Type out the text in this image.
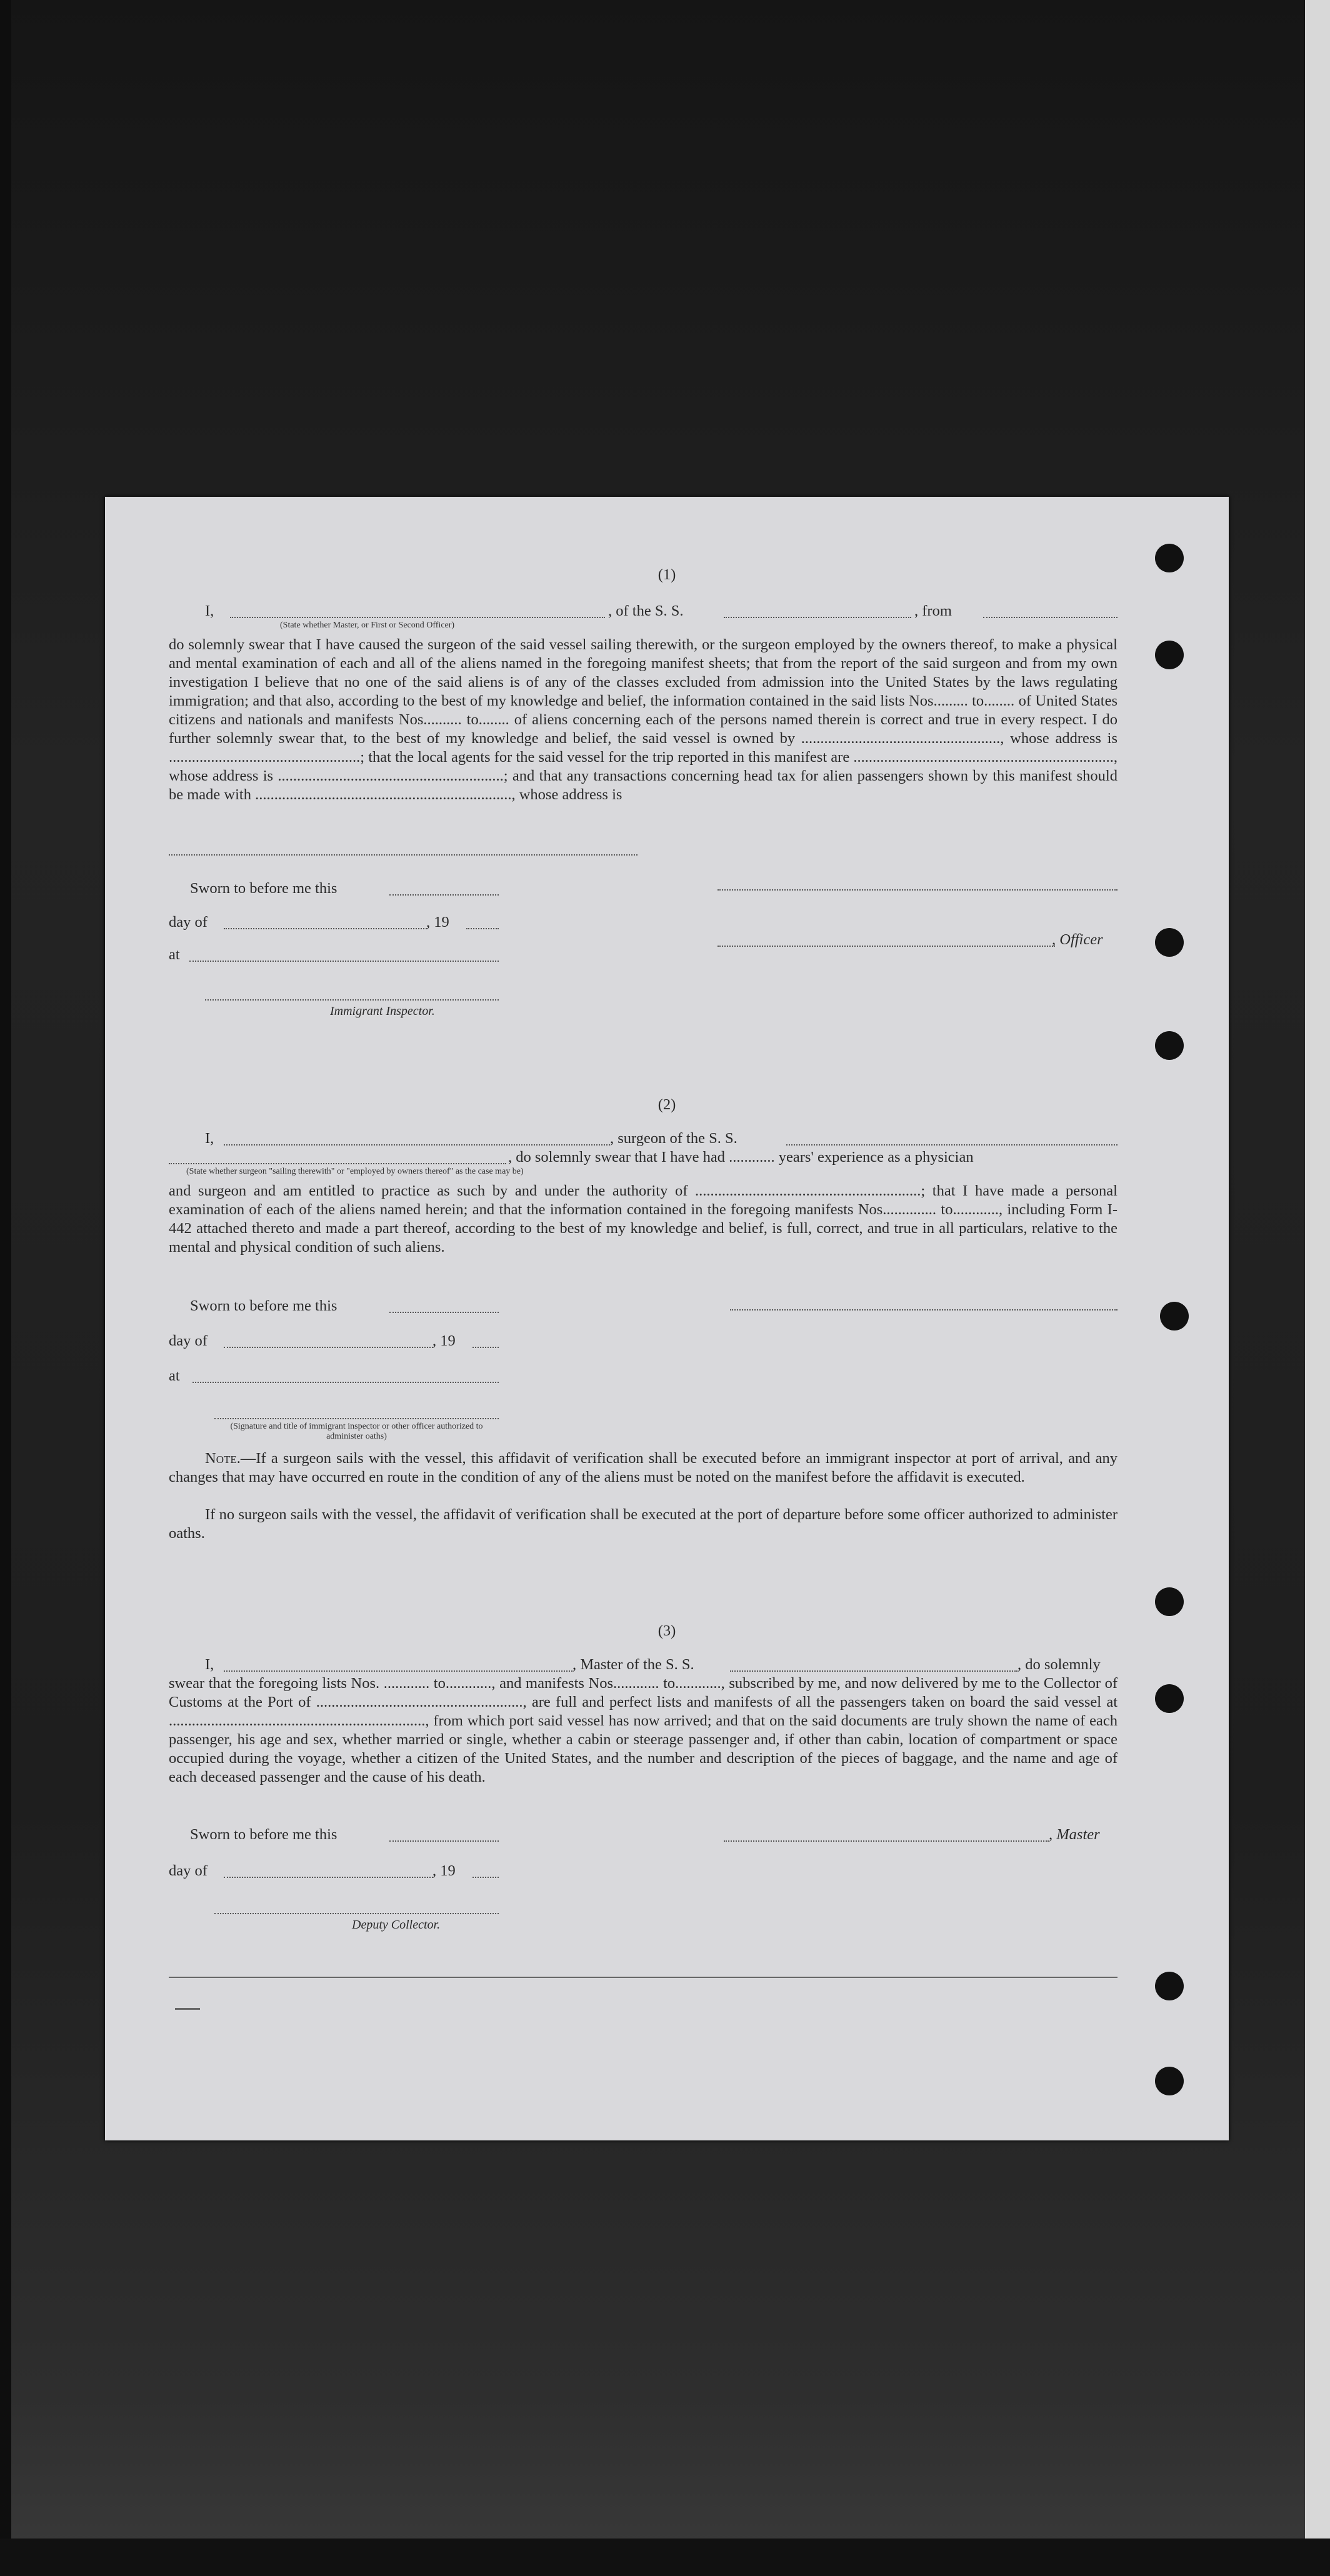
(1)
I,	, of the S. S.	, from
(State whether Master, or First or Second Officer)
do solemnly swear that I have caused the surgeon of the said vessel sailing therewith, or the surgeon employed by the owners thereof, to make a physical and mental examination of each and all of the aliens named in the foregoing manifest sheets; that from the report of the said surgeon and from my own investigation I believe that no one of the said aliens is of any of the classes excluded from admission into the United States by the laws regulating immigration; and that also, according to the best of my knowledge and belief, the information contained in the said lists Nos......... to........ of United States citizens and nationals and manifests Nos.......... to........ of aliens concerning each of the persons named therein is correct and true in every respect. I do further solemnly swear that, to the best of my knowledge and belief, the said vessel is owned by ...................................................., whose address is ..................................................; that the local agents for the said vessel for the trip reported in this manifest are ...................................................................., whose address is ...........................................................; and that any transactions concerning head tax for alien passengers shown by this manifest should be made with ..................................................................., whose address is
Sworn to before me this
day of	, 19
, Officer
at
Immigrant Inspector.
(2)
I,	, surgeon of the S. S.
, do solemnly swear that I have had ............ years' experience as a physician
(State whether surgeon "sailing therewith" or "employed by owners thereof" as the case may be)
and surgeon and am entitled to practice as such by and under the authority of ...........................................................; that I have made a personal examination of each of the aliens named herein; and that the information contained in the foregoing manifests Nos.............. to............, including Form I-442 attached thereto and made a part thereof, according to the best of my knowledge and belief, is full, correct, and true in all particulars, relative to the mental and physical condition of such aliens.
Sworn to before me this
day of	, 19
at
(Signature and title of immigrant inspector or other officer authorized to administer oaths)
Note.—If a surgeon sails with the vessel, this affidavit of verification shall be executed before an immigrant inspector at port of arrival, and any changes that may have occurred en route in the condition of any of the aliens must be noted on the manifest before the affidavit is executed.
If no surgeon sails with the vessel, the affidavit of verification shall be executed at the port of departure before some officer authorized to administer oaths.
(3)
I,	, Master of the S. S.	, do solemnly
swear that the foregoing lists Nos. ............ to............, and manifests Nos............ to............, subscribed by me, and now delivered by me to the Collector of Customs at the Port of ......................................................, are full and perfect lists and manifests of all the passengers taken on board the said vessel at ..................................................................., from which port said vessel has now arrived; and that on the said documents are truly shown the name of each passenger, his age and sex, whether married or single, whether a cabin or steerage passenger and, if other than cabin, location of compartment or space occupied during the voyage, whether a citizen of the United States, and the number and description of the pieces of baggage, and the name and age of each deceased passenger and the cause of his death.
Sworn to before me this	, Master
day of	, 19
Deputy Collector.
